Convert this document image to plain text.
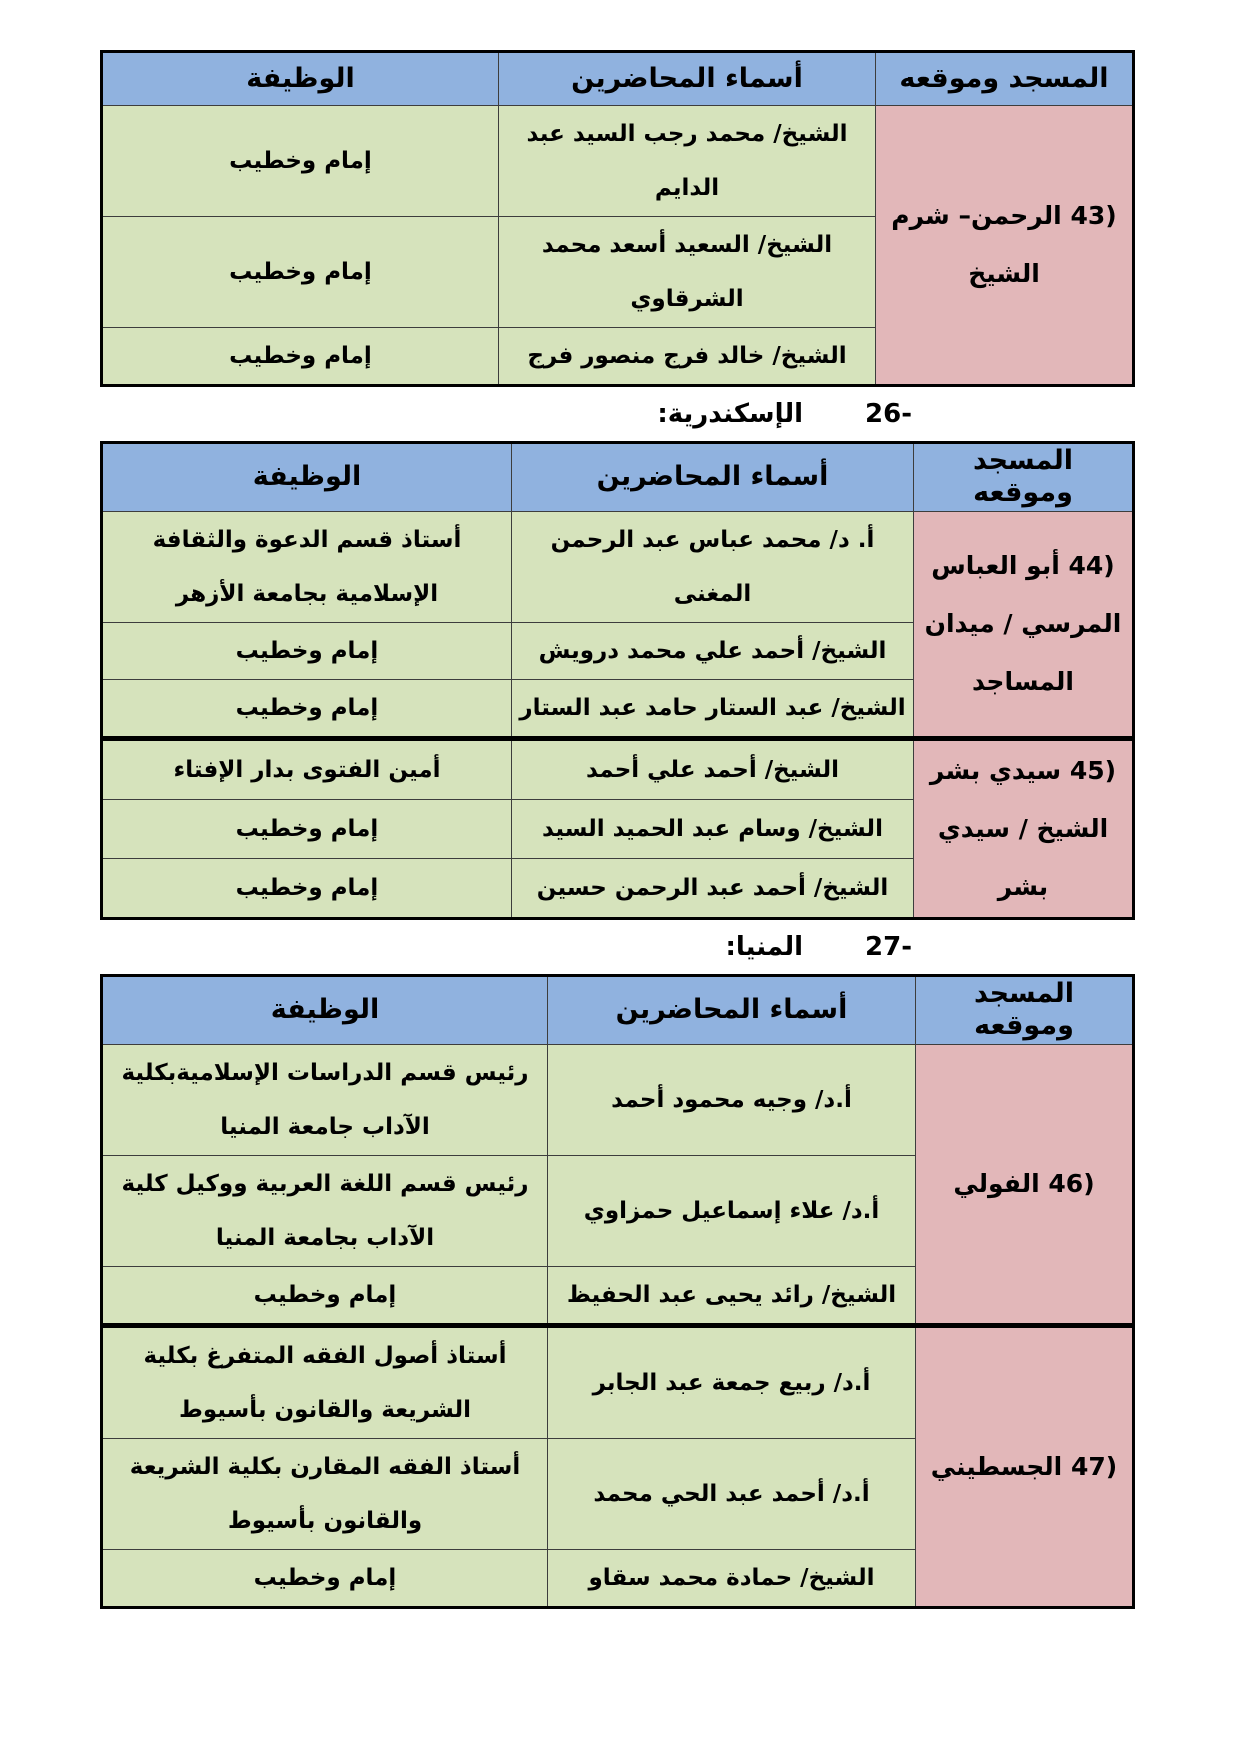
المسجد وموقعه	أسماء المحاضرين	الوظيفة
43) الرحمن– شرم الشيخ	الشيخ/ محمد رجب السيد عبد الدايم	إمام وخطيب
	الشيخ/ السعيد أسعد محمد الشرقاوي	إمام وخطيب
	الشيخ/ خالد فرج منصور فرج	إمام وخطيب
26-
الإسكندرية:
المسجد وموقعه	أسماء المحاضرين	الوظيفة
44) أبو العباس المرسي / ميدان المساجد	أ. د/ محمد عباس عبد الرحمن المغنى	أستاذ قسم الدعوة والثقافة الإسلامية بجامعة الأزهر
	الشيخ/ أحمد علي محمد درويش	إمام وخطيب
	الشيخ/ عبد الستار حامد عبد الستار	إمام وخطيب
45) سيدي بشر الشيخ / سيدي بشر	الشيخ/ أحمد علي أحمد	أمين الفتوى بدار الإفتاء
	الشيخ/ وسام عبد الحميد السيد	إمام وخطيب
	الشيخ/ أحمد عبد الرحمن حسين	إمام وخطيب
27-
المنيا:
المسجد وموقعه	أسماء المحاضرين	الوظيفة
46) الفولي	أ.د/ وجيه محمود أحمد	رئيس قسم الدراسات الإسلاميةبكلية الآداب جامعة المنيا
	أ.د/ علاء إسماعيل حمزاوي	رئيس قسم اللغة العربية ووكيل كلية الآداب بجامعة المنيا
	الشيخ/ رائد يحيى عبد الحفيظ	إمام وخطيب
47) الجسطيني	أ.د/ ربيع جمعة عبد الجابر	أستاذ أصول الفقه المتفرغ بكلية الشريعة والقانون بأسيوط
	أ.د/ أحمد عبد الحي محمد	أستاذ الفقه المقارن بكلية الشريعة والقانون بأسيوط
	الشيخ/ حمادة محمد سقاو	إمام وخطيب
